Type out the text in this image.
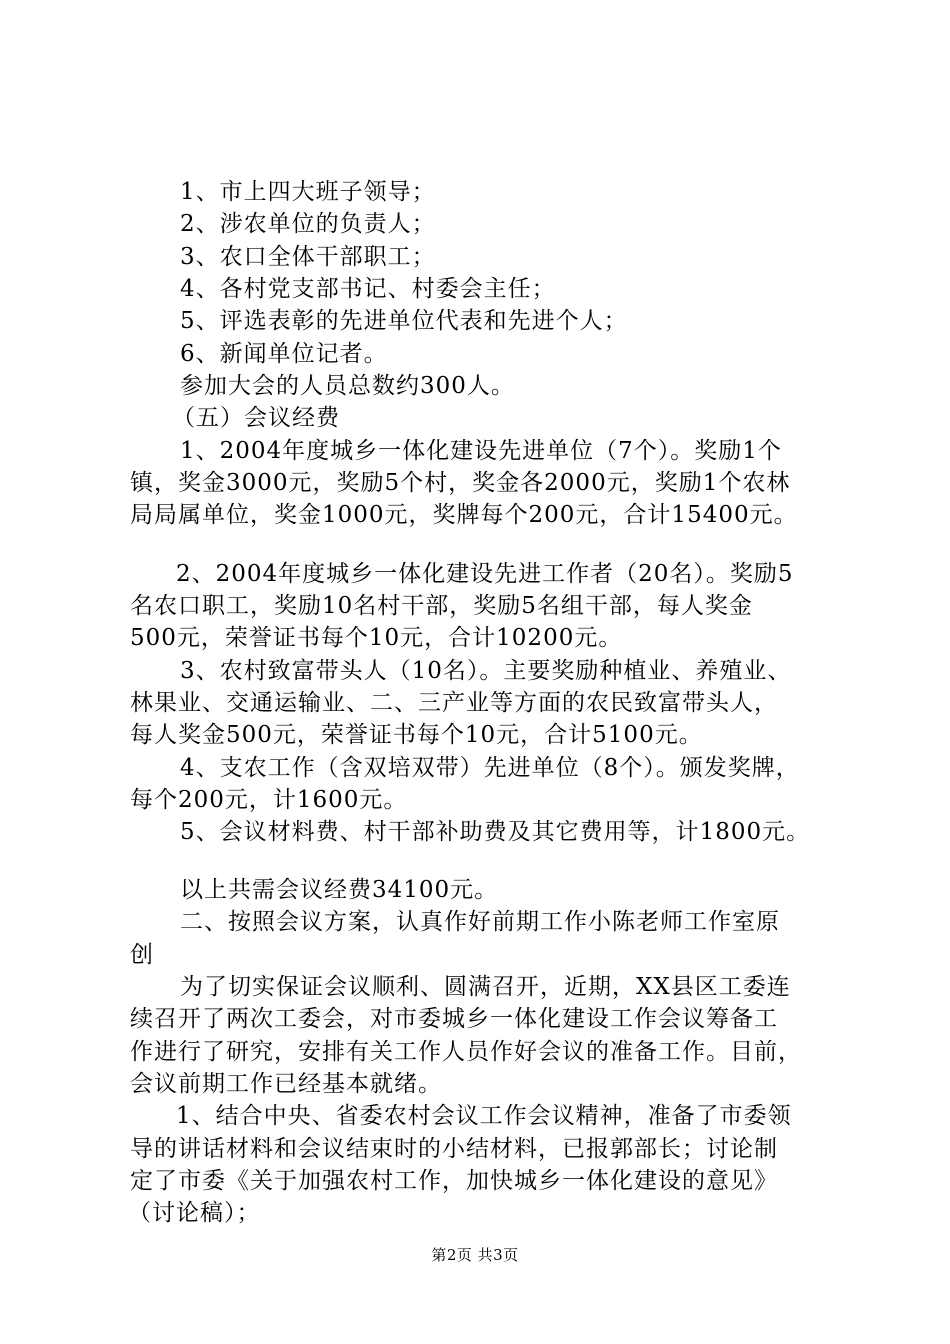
1、市上四大班子领导；
2、涉农单位的负责人；
3、农口全体干部职工；
4、各村党支部书记、村委会主任；
5、评选表彰的先进单位代表和先进个人；
6、新闻单位记者。
参加大会的人员总数约300人。
（五）会议经费
1、2004年度城乡一体化建设先进单位（7个）。奖励1个
镇，奖金3000元，奖励5个村，奖金各2000元，奖励1个农林
局局属单位，奖金1000元，奖牌每个200元，合计15400元。
2、2004年度城乡一体化建设先进工作者（20名）。奖励5
名农口职工，奖励10名村干部，奖励5名组干部，每人奖金
500元，荣誉证书每个10元，合计10200元。
3、农村致富带头人（10名）。主要奖励种植业、养殖业、
林果业、交通运输业、二、三产业等方面的农民致富带头人，
每人奖金500元，荣誉证书每个10元，合计5100元。
4、支农工作（含双培双带）先进单位（8个）。颁发奖牌，
每个200元，计1600元。
5、会议材料费、村干部补助费及其它费用等，计1800元。
以上共需会议经费34100元。
二、按照会议方案，认真作好前期工作小陈老师工作室原
创
为了切实保证会议顺利、圆满召开，近期，XX县区工委连
续召开了两次工委会，对市委城乡一体化建设工作会议筹备工
作进行了研究，安排有关工作人员作好会议的准备工作。目前，
会议前期工作已经基本就绪。
1、结合中央、省委农村会议工作会议精神，准备了市委领
导的讲话材料和会议结束时的小结材料，已报郭部长；讨论制
定了市委《关于加强农村工作，加快城乡一体化建设的意见》
（讨论稿）；
第2页 共3页
